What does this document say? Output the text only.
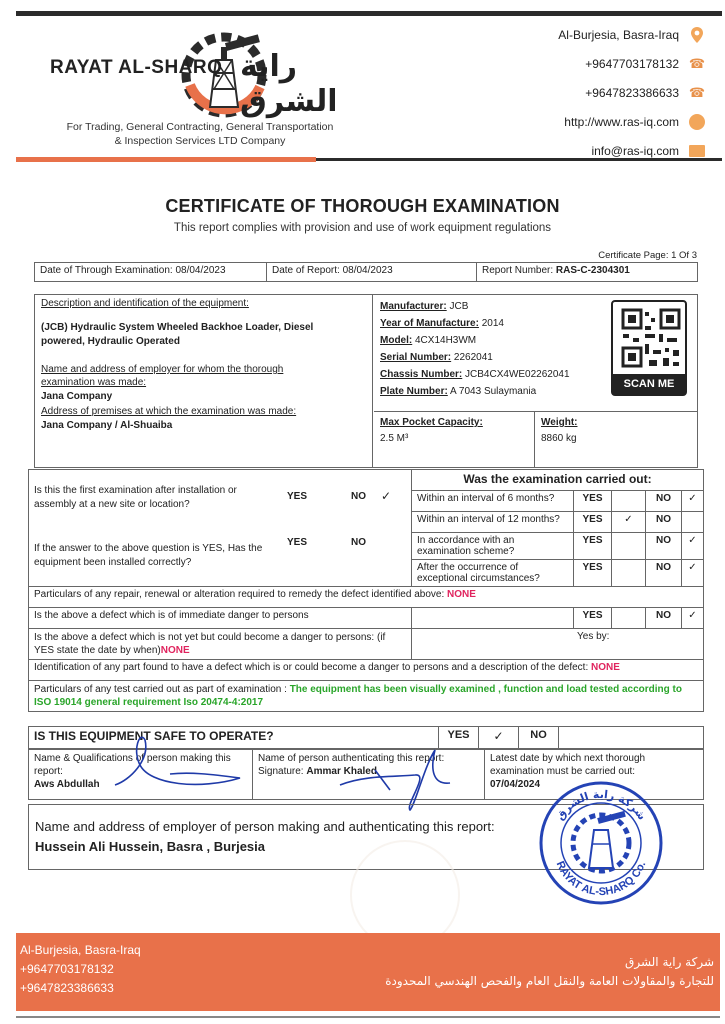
RAYAT AL-SHARQ راية الشرق
For Trading, General Contracting, General Transportation
& Inspection Services LTD Company
Al-Burjesia, Basra-Iraq
+9647703178132 ☎
+9647823386633 ☎
http://www.ras-iq.com
info@ras-iq.com
CERTIFICATE OF THOROUGH EXAMINATION
This report complies with provision and use of work equipment regulations
Certificate Page: 1 Of 3
Date of Through Examination: 08/04/2023	Date of Report: 08/04/2023	Report Number: RAS-C-2304301
Description and identification of the equipment:
(JCB) Hydraulic System Wheeled Backhoe Loader, Diesel powered, Hydraulic Operated
Name and address of employer for whom the thorough examination was made:
Jana Company
Address of premises at which the examination was made:
Jana Company / Al-Shuaiba
Manufacturer: JCB
Year of Manufacture: 2014
Model: 4CX14H3WM
Serial Number: 2262041
Chassis Number: JCB4CX4WE02262041
Plate Number: A 7043 Sulaymania
SCAN ME
Max Pocket Capacity:
2.5 M³
Weight:
8860 kg
	Was the examination carried out:				
	Within an interval of 6 months?	YES		NO	✓
	Within an interval of 12 months?	YES	✓	NO	
	In accordance with an examination scheme?	YES		NO	✓
	After the occurrence of exceptional circumstances?	YES		NO	✓
Particulars of any repair, renewal or alteration required to remedy the defect identified above: NONE					
Is the above a defect which is of immediate danger to persons		YES		NO	✓
Is the above a defect which is not yet but could become a danger to persons: (if YES state the date by when)NONE	Yes by:				
Identification of any part found to have a defect which is or could become a danger to persons and a description of the defect: NONE					
Particulars of any test carried out as part of examination : The equipment has been visually examined , function and load tested according to ISO 19014 general requirement Iso 20474-4:2017					
Is this the first examination after installation or assembly at a new site or location?
YES	NO ✓
If the answer to the above question is YES, Has the equipment been installed correctly?
YES	NO
IS THIS EQUIPMENT SAFE TO OPERATE?	YES	✓	NO	
Name & Qualifications of person making this report:
Aws Abdullah

Name of person authenticating this report:
Signature: Ammar Khaled

Latest date by which next thorough examination must be carried out:
07/04/2024
Name and address of employer of person making and authenticating this report:
Hussein Ali Hussein, Basra , Burjesia
شركة راية الشرق
RAYAT AL-SHARQ Co.
Al-Burjesia, Basra-Iraq
+9647703178132
+9647823386633
شركة راية الشرق
للتجارة والمقاولات العامة والنقل العام والفحص الهندسي المحدودة
